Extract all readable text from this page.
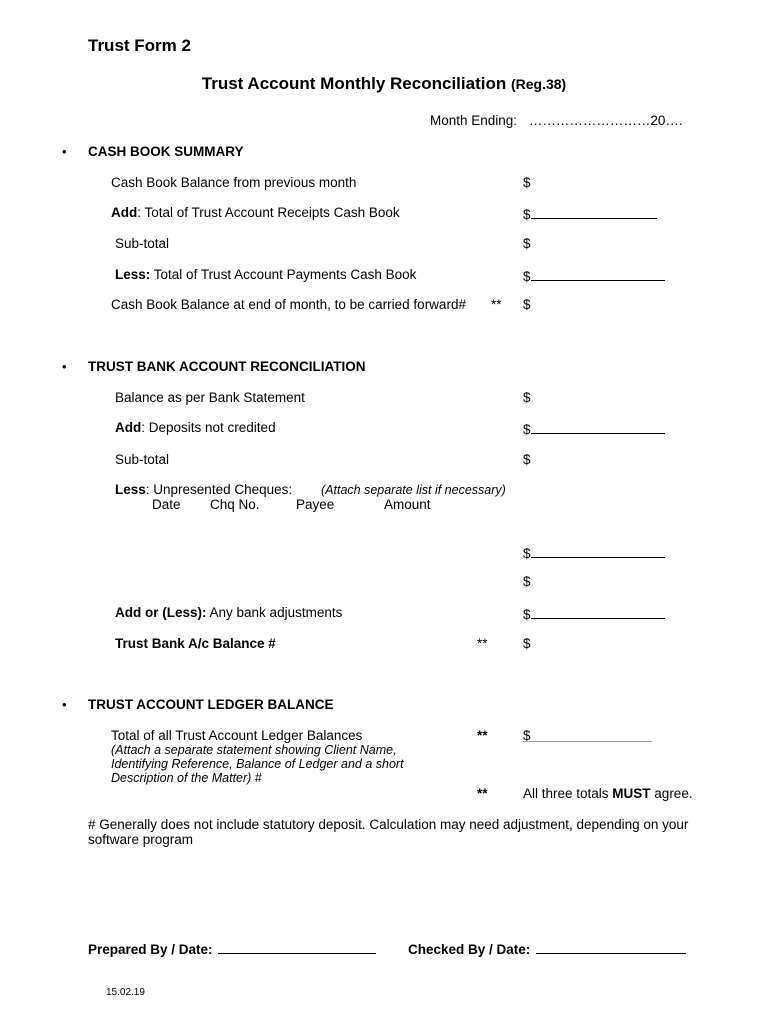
Trust Form 2
Trust Account Monthly Reconciliation (Reg.38)
Month Ending: ………………………20….
• CASH BOOK SUMMARY
Cash Book Balance from previous month	$
Add: Total of Trust Account Receipts Cash Book	$
Sub-total	$
Less: Total of Trust Account Payments Cash Book	$
Cash Book Balance at end of month, to be carried forward# ** $
• TRUST BANK ACCOUNT RECONCILIATION
Balance as per Bank Statement	$
Add: Deposits not credited	$
Sub-total	$
Less: Unpresented Cheques: (Attach separate list if necessary)
Date Chq No.	Payee	Amount
$
$
Add or (Less): Any bank adjustments	$
Trust Bank A/c Balance #	**	$
• TRUST ACCOUNT LEDGER BALANCE
Total of all Trust Account Ledger Balances	**	$
(Attach a separate statement showing Client Name,
Identifying Reference, Balance of Ledger and a short
Description of the Matter) #
**	All three totals MUST agree.
# Generally does not include statutory deposit. Calculation may need adjustment, depending on your
software program
Prepared By / Date:	Checked By / Date:
15.02.19
